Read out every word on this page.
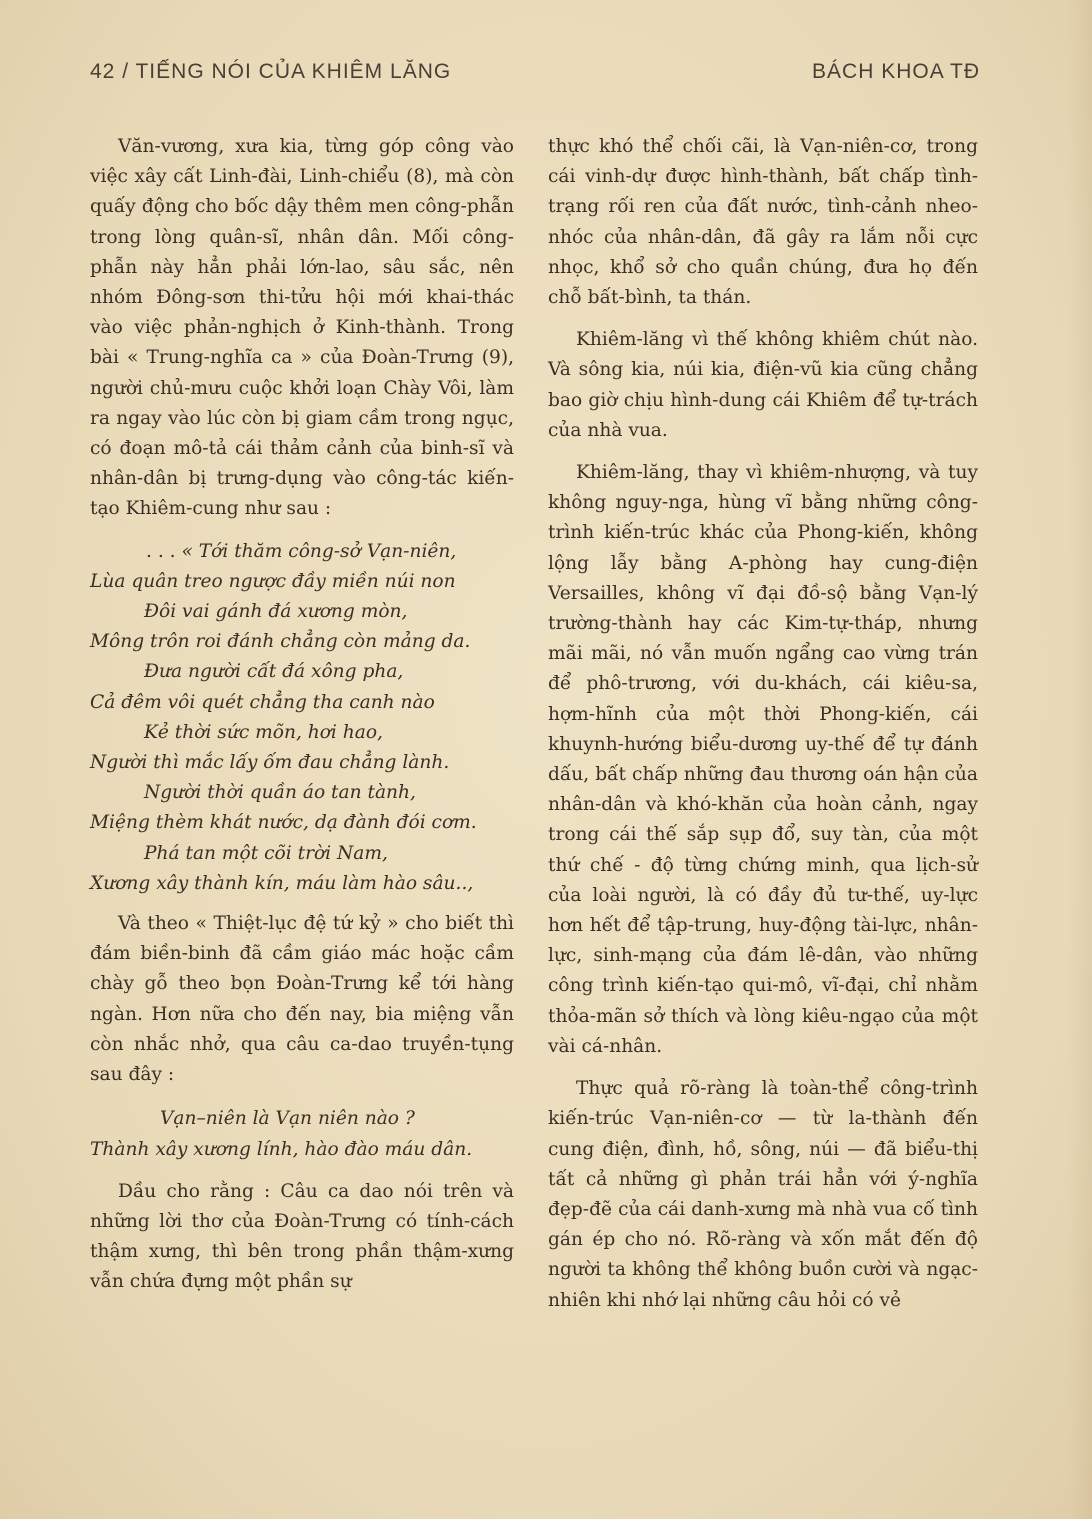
42 / TIẾNG NÓI CỦA KHIÊM LĂNG	BÁCH KHOA TĐ

Văn-vương, xưa kia, từng góp công vào việc xây cất Linh-đài, Linh-chiểu (8), mà còn quấy động cho bốc dậy thêm men công-phẫn trong lòng quân-sĩ, nhân dân. Mối công-phẫn này hẳn phải lớn-lao, sâu sắc, nên nhóm Đông-sơn thi-tửu hội mới khai-thác vào việc phản-nghịch ở Kinh-thành. Trong bài « Trung-nghĩa ca » của Đoàn-Trưng (9), người chủ-mưu cuộc khởi loạn Chày Vôi, làm ra ngay vào lúc còn bị giam cầm trong ngục, có đoạn mô-tả cái thảm cảnh của binh-sĩ và nhân-dân bị trưng-dụng vào công-tác kiến-tạo Khiêm-cung như sau :

. . . « Tới thăm công-sở Vạn-niên,
Lùa quân treo ngược đầy miền núi non
Đôi vai gánh đá xương mòn,
Mông trôn roi đánh chẳng còn mảng da.
Đưa người cất đá xông pha,
Cả đêm vôi quét chẳng tha canh nào
Kẻ thời sức mõn, hơi hao,
Người thì mắc lấy ốm đau chẳng lành.
Người thời quần áo tan tành,
Miệng thèm khát nước, dạ đành đói cơm.
Phá tan một cõi trời Nam,
Xương xây thành kín, máu làm hào sâu..,

Và theo « Thiệt-lục đệ tứ kỷ » cho biết thì đám biền-binh đã cầm giáo mác hoặc cầm chày gỗ theo bọn Đoàn-Trưng kể tới hàng ngàn. Hơn nữa cho đến nay, bia miệng vẫn còn nhắc nhở, qua câu ca-dao truyền-tụng sau đây :

Vạn–niên là Vạn niên nào ?
Thành xây xương lính, hào đào máu dân.

Dầu cho rằng : Câu ca dao nói trên và những lời thơ của Đoàn-Trưng có tính-cách thậm xưng, thì bên trong phần thậm-xưng vẫn chứa đựng một phần sự

thực khó thể chối cãi, là Vạn-niên-cơ, trong cái vinh-dự được hình-thành, bất chấp tình-trạng rối ren của đất nước, tình-cảnh nheo-nhóc của nhân-dân, đã gây ra lắm nỗi cực nhọc, khổ sở cho quần chúng, đưa họ đến chỗ bất-bình, ta thán.

Khiêm-lăng vì thế không khiêm chút nào. Và sông kia, núi kia, điện-vũ kia cũng chẳng bao giờ chịu hình-dung cái Khiêm để tự-trách của nhà vua.

Khiêm-lăng, thay vì khiêm-nhượng, và tuy không nguy-nga, hùng vĩ bằng những công-trình kiến-trúc khác của Phong-kiến, không lộng lẫy bằng A-phòng hay cung-điện Versailles, không vĩ đại đồ-sộ bằng Vạn-lý trường-thành hay các Kim-tự-tháp, nhưng mãi mãi, nó vẫn muốn ngẩng cao vừng trán để phô-trương, với du-khách, cái kiêu-sa, hợm-hĩnh của một thời Phong-kiến, cái khuynh-hướng biểu-dương uy-thế để tự đánh dấu, bất chấp những đau thương oán hận của nhân-dân và khó-khăn của hoàn cảnh, ngay trong cái thế sắp sụp đổ, suy tàn, của một thứ chế - độ từng chứng minh, qua lịch-sử của loài người, là có đầy đủ tư-thế, uy-lực hơn hết để tập-trung, huy-động tài-lực, nhân-lực, sinh-mạng của đám lê-dân, vào những công trình kiến-tạo qui-mô, vĩ-đại, chỉ nhằm thỏa-mãn sở thích và lòng kiêu-ngạo của một vài cá-nhân.

Thực quả rõ-ràng là toàn-thể công-trình kiến-trúc Vạn-niên-cơ — từ la-thành đến cung điện, đình, hồ, sông, núi — đã biểu-thị tất cả những gì phản trái hẳn với ý-nghĩa đẹp-đẽ của cái danh-xưng mà nhà vua cố tình gán ép cho nó. Rõ-ràng và xốn mắt đến độ người ta không thể không buồn cười và ngạc-nhiên khi nhớ lại những câu hỏi có vẻ
